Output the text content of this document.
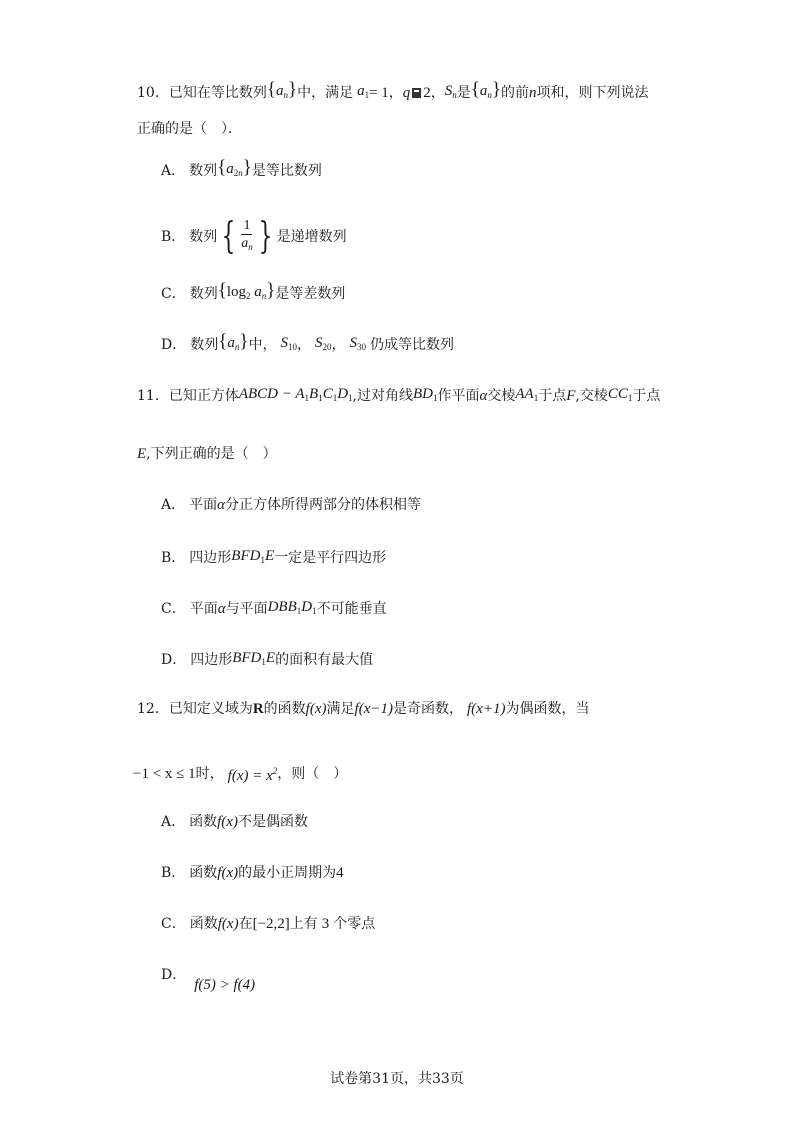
10． 已知在等比数列 $\{a_n\}$ 中，满足 $a_1 = 1$ ， q 2 ， $S_n$ 是 $\{a_n\}$ 的前 n 项和，则下列说法
正确的是（　）．
A． 数列 $\{a_{2n}\}$ 是等比数列
B． 数列 { $\frac{1}{a_n}$ } 是递增数列
C． 数列 {$\log_2$ $a_n$} 是等差数列
D． 数列 $\{a_n\}$ 中， $S_{10}$ ， $S_{20}$ ， $S_{30}$ 仍成等比数列
11． 已知正方体 ABCD − $A_1B_1C_1D_1$ ,过对角线 $BD_1$ 作平面 α 交棱 $AA_1$ 于点 F ,交棱 $CC_1$ 于点
E ,下列正确的是（　）
A． 平面 α 分正方体所得两部分的体积相等
B． 四边形 $BFD_1E$ 一定是平行四边形
C． 平面 α 与平面 $DBB_1D_1$ 不可能垂直
D． 四边形 $BFD_1E$ 的面积有最大值
12． 已知定义域为 R 的函数 f(x) 满足 f(x−1) 是奇函数， f(x+1) 为偶函数，当
−1 < x ≤ 1 时， $f(x) = x^2$ ，则（　）
A． 函数 f(x) 不是偶函数
B． 函数 f(x) 的最小正周期为 4
C． 函数 f(x) 在 [−2,2] 上有 3 个零点
D．
f(5) > f(4)
试卷第31页，共33页
